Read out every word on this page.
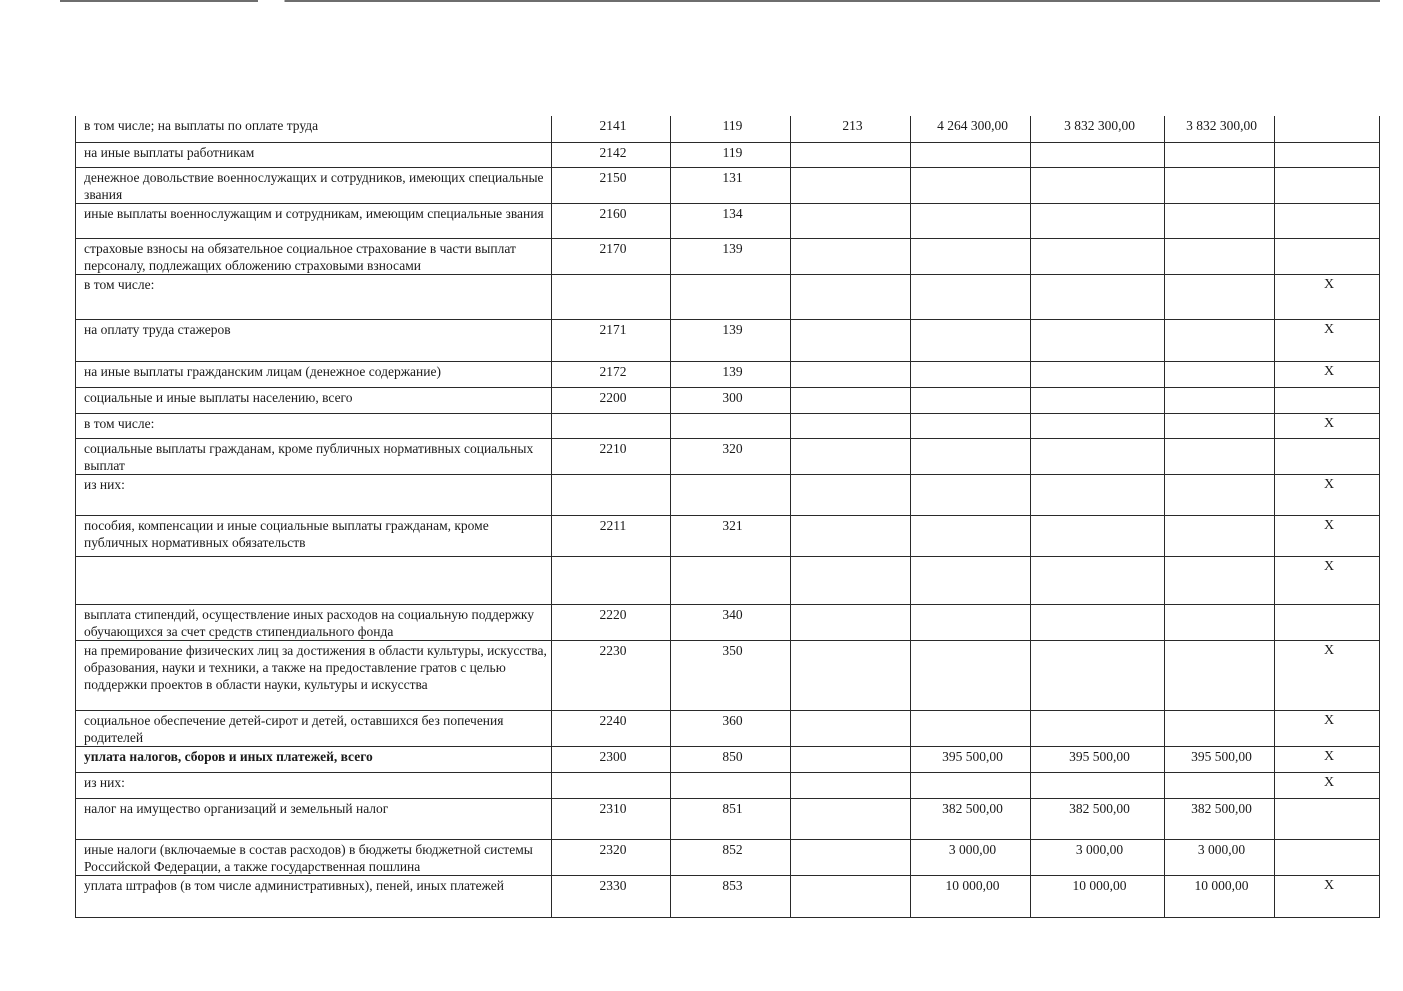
в том числе; на выплаты по оплате труда	2141	119	213	4 264 300,00	3 832 300,00	3 832 300,00	
на иные выплаты работникам	2142	119					
денежное довольствие военнослужащих и сотрудников, имеющих специальные звания	2150	131					
иные выплаты военнослужащим и сотрудникам, имеющим специальные звания	2160	134					
страховые взносы на обязательное социальное страхование в части выплат персоналу, подлежащих обложению страховыми взносами	2170	139					
в том числе:							X
на оплату труда стажеров	2171	139					X
на иные выплаты гражданским лицам (денежное содержание)	2172	139					X
социальные и иные выплаты населению, всего	2200	300					
в том числе:							X
социальные выплаты гражданам, кроме публичных нормативных социальных выплат	2210	320					
из них:							X
пособия, компенсации и иные социальные выплаты гражданам, кроме публичных нормативных обязательств	2211	321					X
							X
выплата стипендий, осуществление иных расходов на социальную поддержку обучающихся за счет средств стипендиального фонда	2220	340					
на премирование физических лиц за достижения в области культуры, искусства, образования, науки и техники, а также на предоставление гратов с целью поддержки проектов в области науки, культуры и искусства	2230	350					X
социальное обеспечение детей-сирот и детей, оставшихся без попечения родителей	2240	360					X
уплата налогов, сборов и иных платежей, всего	2300	850		395 500,00	395 500,00	395 500,00	X
из них:							X
налог на имущество организаций и земельный налог	2310	851		382 500,00	382 500,00	382 500,00	
иные налоги (включаемые в состав расходов) в бюджеты бюджетной системы Российской Федерации, а также государственная пошлина	2320	852		3 000,00	3 000,00	3 000,00	
уплата штрафов (в том числе административных), пеней, иных платежей	2330	853		10 000,00	10 000,00	10 000,00	X
